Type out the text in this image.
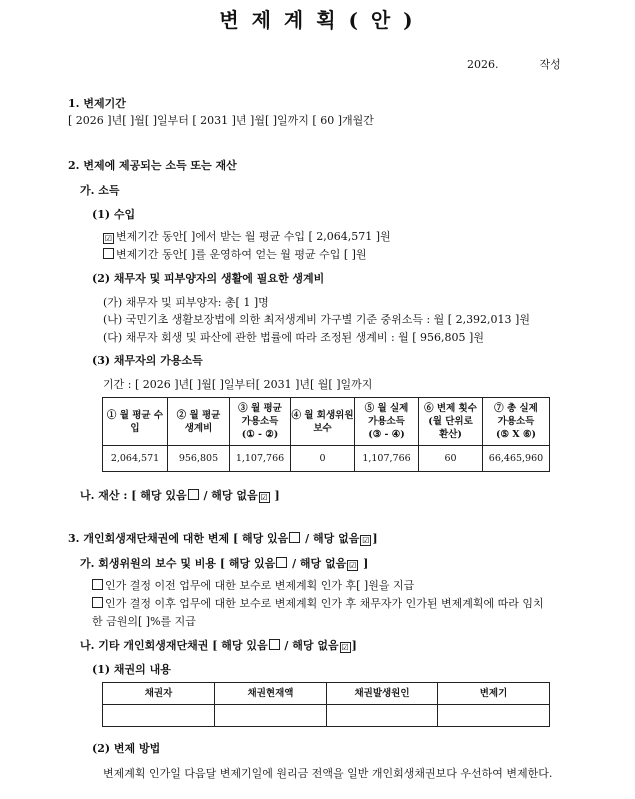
변 제 계 획 ( 안 )
2026.	작성
1. 변제기간
[ 2026 ]년[ ]월[ ]일부터 [ 2031 ]년 ]월[ ]일까지 [ 60 ]개월간
2. 변제에 제공되는 소득 또는 재산
가. 소득
(1) 수입
☑ 변제기간 동안[ ]에서 받는 월 평균 수입 [ 2,064,571 ]원
변제기간 동안[ ]를 운영하여 얻는 월 평균 수입 [ ]원
(2) 채무자 및 피부양자의 생활에 필요한 생계비
(가) 채무자 및 피부양자: 총[ 1 ]명
(나) 국민기초 생활보장법에 의한 최저생계비 가구별 기준 중위소득 : 월 [ 2,392,013 ]원
(다) 채무자 회생 및 파산에 관한 법률에 따라 조정된 생계비 : 월 [ 956,805 ]원
(3) 채무자의 가용소득
기간 : [ 2026 ]년[ ]월[ ]일부터[ 2031 ]년[ 월[ ]일까지
① 월 평균 수입	② 월 평균
생계비	③ 월 평균
가용소득
(① - ②)	④ 월 회생위원
보수	⑤ 월 실제
가용소득
(③ - ④)	⑥ 변제 횟수
(월 단위로
환산)	⑦ 총 실제
가용소득
(⑤ X ⑥)
2,064,571	956,805	1,107,766	0	1,107,766	60	66,465,960
나. 재산 : [ 해당 있음 / 해당 없음 ☑ ]
3. 개인회생재단채권에 대한 변제 [ 해당 있음 / 해당 없음 ☑ ]
가. 회생위원의 보수 및 비용 [ 해당 있음 / 해당 없음 ☑ ]
인가 결정 이전 업무에 대한 보수로 변제계획 인가 후[ ]원을 지급
인가 결정 이후 업무에 대한 보수로 변제계획 인가 후 채무자가 인가된 변제계획에 따라 임치
한 금원의[ ]%를 지급
나. 기타 개인회생재단채권 [ 해당 있음 / 해당 없음 ☑ ]
(1) 채권의 내용
채권자	채권현재액	채권발생원인	변제기

(2) 변제 방법
변제계획 인가일 다음달 변제기일에 원리금 전액을 일반 개인회생채권보다 우선하여 변제한다.
